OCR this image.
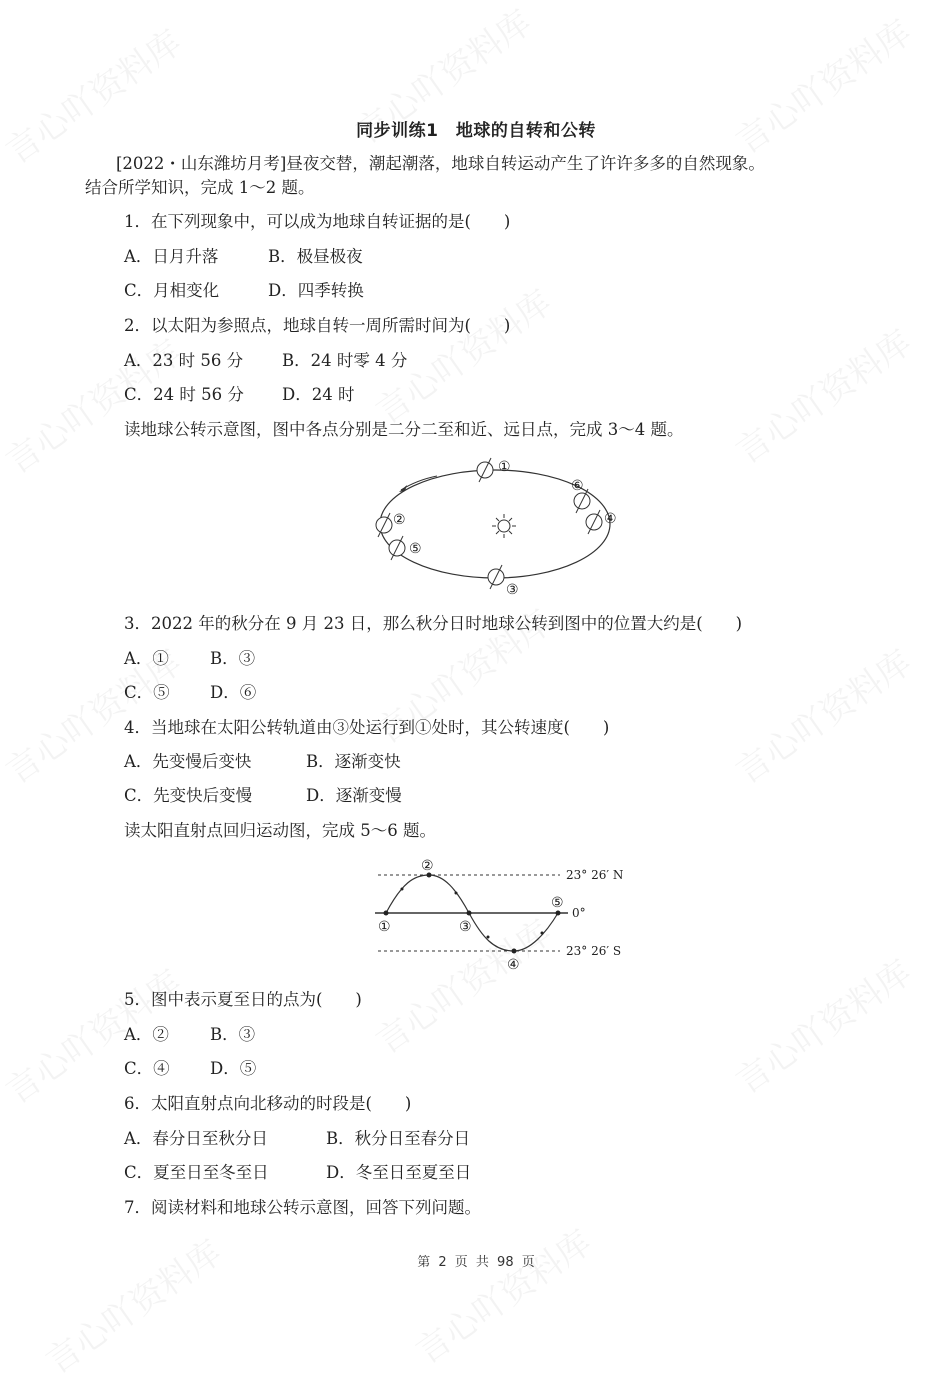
同步训练1　地球的自转和公转
[2022・山东潍坊月考]昼夜交替，潮起潮落，地球自转运动产生了许许多多的自然现象。
结合所学知识，完成 1～2 题。
1．在下列现象中，可以成为地球自转证据的是(　　)
A．日月升落	B．极昼极夜
C．月相变化	D．四季转换
2．以太阳为参照点，地球自转一周所需时间为(　　)
A．23 时 56 分 B．24 时零 4 分
C．24 时 56 分 D．24 时
读地球公转示意图，图中各点分别是二分二至和近、远日点，完成 3～4 题。
①
②
③
④
⑤
⑥
3．2022 年的秋分在 9 月 23 日，那么秋分日时地球公转到图中的位置大约是(　　)
A．① B．③
C．⑤ D．⑥
4．当地球在太阳公转轨道由③处运行到①处时，其公转速度(　　)
A．先变慢后变快	B．逐渐变快
C．先变快后变慢	D．逐渐变慢
读太阳直射点回归运动图，完成 5～6 题。
①
②
③
④
⑤
23° 26′ N
0°
23° 26′ S
5．图中表示夏至日的点为(　　)
A．② B．③
C．④ D．⑤
6．太阳直射点向北移动的时段是(　　)
A．春分日至秋分日	B．秋分日至春分日
C．夏至日至冬至日	D．冬至日至夏至日
7．阅读材料和地球公转示意图，回答下列问题。
第 2 页 共 98 页
